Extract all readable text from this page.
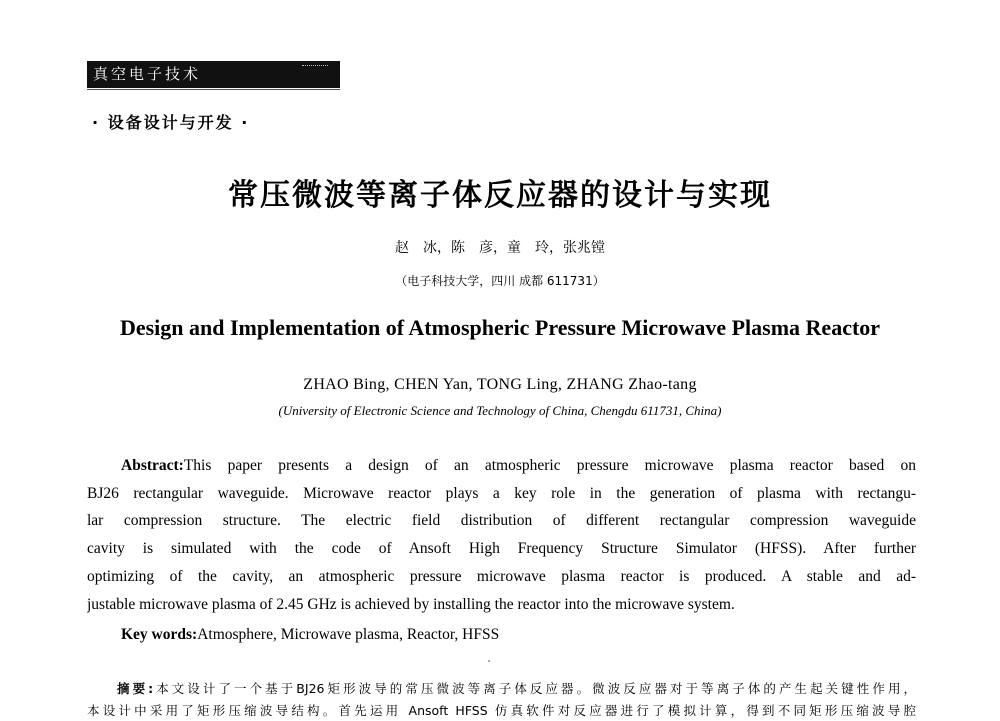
真空电子技术
· 设备设计与开发 ·
常压微波等离子体反应器的设计与实现
赵　冰，陈　彦，童　玲，张兆镗
（电子科技大学，四川 成都 611731）
Design and Implementation of Atmospheric Pressure Microwave Plasma Reactor
ZHAO Bing, CHEN Yan, TONG Ling, ZHANG Zhao-tang
(University of Electronic Science and Technology of China, Chengdu 611731, China)
Abstract:This paper presents a design of an atmospheric pressure microwave plasma reactor based on
BJ26 rectangular waveguide. Microwave reactor plays a key role in the generation of plasma with rectangu-
lar compression structure. The electric field distribution of different rectangular compression waveguide
cavity is simulated with the code of Ansoft High Frequency Structure Simulator (HFSS). After further
optimizing of the cavity, an atmospheric pressure microwave plasma reactor is produced. A stable and ad-
justable microwave plasma of 2.45 GHz is achieved by installing the reactor into the microwave system.
Key words:Atmosphere, Microwave plasma, Reactor, HFSS
摘要:本文设计了一个基于BJ26矩形波导的常压微波等离子体反应器。微波反应器对于等离子体的产生起关键性作用，
本设计中采用了矩形压缩波导结构。首先运用 Ansoft HFSS 仿真软件对反应器进行了模拟计算，得到不同矩形压缩波导腔
